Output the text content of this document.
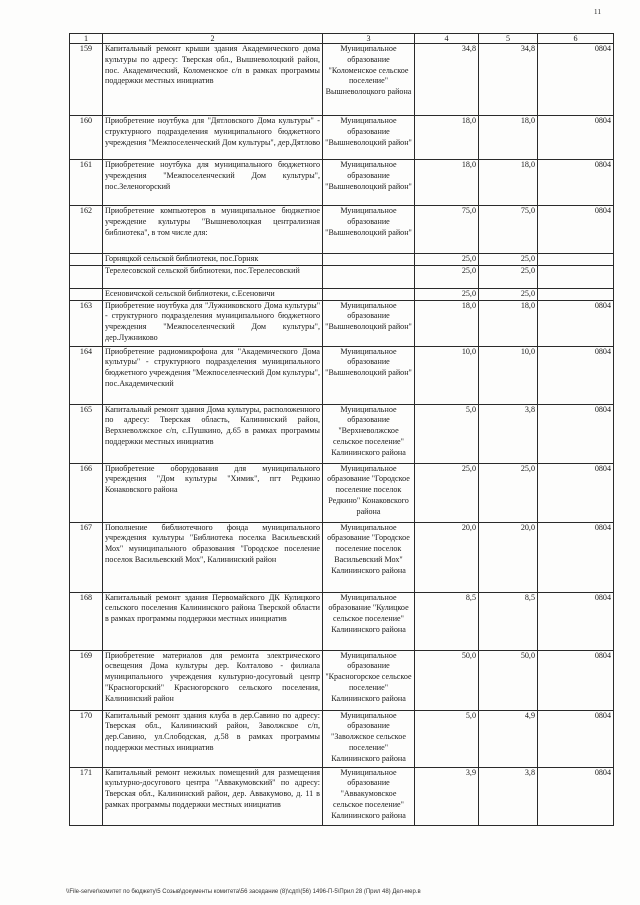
11
1	2	3	4	5	6
159	Капитальный ремонт крыши здания Академического дома культуры по адресу: Тверская обл., Вышневолоцкий район, пос. Академический, Коломенское с/п в рамках программы поддержки местных инициатив	Муниципальное образование "Коломенское сельское поселение" Вышневолоцкого района	34,8	34,8	0804
160	Приобретение ноутбука для "Дятловского Дома культуры" - структурного подразделения муниципального бюджетного учреждения "Межпоселенческий Дом культуры", дер.Дятлово	Муниципальное образование "Вышневолоцкий район"	18,0	18,0	0804
161	Приобретение ноутбука для муниципального бюджетного учреждения "Межпоселенческий Дом культуры", пос.Зеленогорский	Муниципальное образование "Вышневолоцкий район"	18,0	18,0	0804
162	Приобретение компьютеров в муниципальное бюджетное учреждение культуры "Вышневолоцкая централизная библиотека", в том числе для:	Муниципальное образование "Вышневолоцкий район"	75,0	75,0	0804
	Горняцкой сельской библиотеки, пос.Горняк		25,0	25,0	
	Терелесовской сельской библиотеки, пос.Терелесовский		25,0	25,0	
	Есеновичской сельской библиотеки, с.Есеновичи		25,0	25,0	
163	Приобретение ноутбука для "Лужниковского Дома культуры" - структурного подразделения муниципального бюджетного учреждения "Межпоселенческий Дом культуры", дер.Лужниково	Муниципальное образование "Вышневолоцкий район"	18,0	18,0	0804
164	Приобретение радиомикрофона для "Академического Дома культуры" - структурного подразделения муниципального бюджетного учреждения "Межпоселенческий Дом культуры", пос.Академический	Муниципальное образование "Вышневолоцкий район"	10,0	10,0	0804
165	Капитальный ремонт здания Дома культуры, расположенного по адресу: Тверская область, Калининский район, Верхневолжское с/п, с.Пушкино, д.65 в рамках программы поддержки местных инициатив	Муниципальное образование "Верхневолжское сельское поселение" Калининского района	5,0	3,8	0804
166	Приобретение оборудования для муниципального учреждения "Дом культуры "Химик", пгт Редкино Конаковского района	Муниципальное образование "Городское поселение поселок Редкино" Конаковского района	25,0	25,0	0804
167	Пополнение библиотечного фонда муниципального учреждения культуры "Библиотека поселка Васильевский Мох" муниципального образования "Городское поселение поселок Васильевский Мох", Калининский район	Муниципальное образование "Городское поселение поселок Васильевский Мох" Калининского района	20,0	20,0	0804
168	Капитальный ремонт здания Первомайского ДК Кулицкого сельского поселения Калининского района Тверской области в рамках программы поддержки местных инициатив	Муниципальное образование "Кулицкое сельское поселение" Калининского района	8,5	8,5	0804
169	Приобретение материалов для ремонта электрического освещения Дома культуры дер. Колталово - филиала муниципального учреждения культурно-досуговый центр "Красногорский" Красногорского сельского поселения, Калининский район	Муниципальное образование "Красногорское сельское поселение" Калининского района	50,0	50,0	0804
170	Капитальный ремонт здания клуба в дер.Савино по адресу: Тверская обл., Калининский район, Заволжское с/п, дер.Савино, ул.Слободская, д.58 в рамках программы поддержки местных инициатив	Муниципальное образование "Заволжское сельское поселение" Калининского района	5,0	4,9	0804
171	Капитальный ремонт нежилых помещений для размещения культурно-досугового центра "Аввакумовский" по адресу: Тверская обл., Калининский район, дер. Аввакумово, д. 11 в рамках программы поддержки местных инициатив	Муниципальное образование "Аввакумовское сельское поселение" Калининского района	3,9	3,8	0804
\\File-server\комитет по бюджету\5 Созыв\документы комитета\56 заседание (8)\сдп\(56) 1496-П-5\Прил 28 (Прил 48) Дел-мер.в
